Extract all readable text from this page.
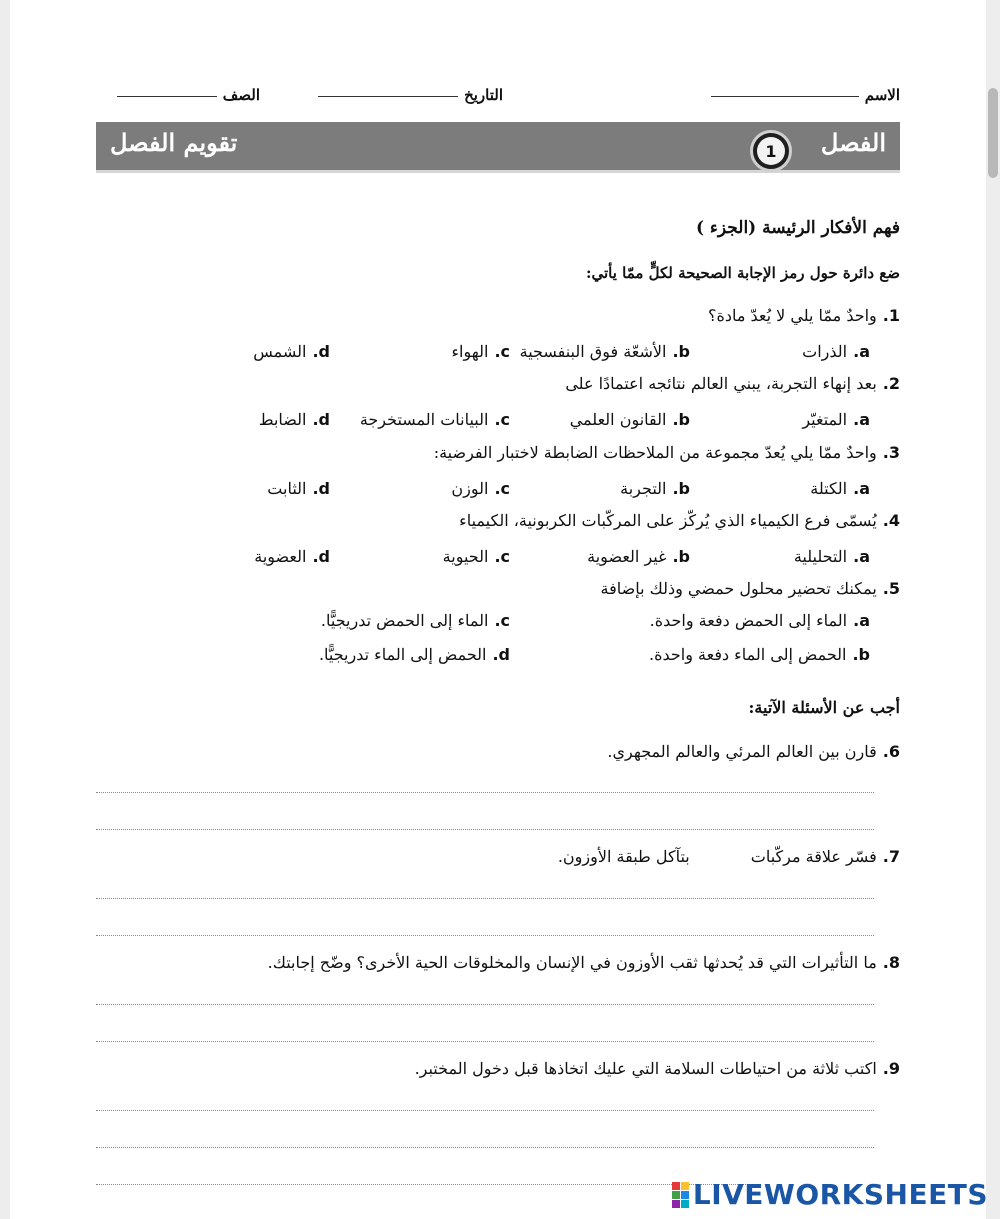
الاسم
التاريخ
الصف
الفصل
1
تقويم الفصل
فهم الأفكار الرئيسة (الجزء )
ضع دائرة حول رمز الإجابة الصحيحة لكلٍّ ممّا يأتي:
1.واحدٌ ممّا يلي لا يُعدّ مادة؟
a.الذرات
b.الأشعّة فوق البنفسجية
c.الهواء
d.الشمس
2.بعد إنهاء التجربة، يبني العالم نتائجه اعتمادًا على
a.المتغيّر
b.القانون العلمي
c.البيانات المستخرجة
d.الضابط
3.واحدٌ ممّا يلي يُعدّ مجموعة من الملاحظات الضابطة لاختبار الفرضية:
a.الكتلة
b.التجربة
c.الوزن
d.الثابت
4.يُسمّى فرع الكيمياء الذي يُركّز على المركّبات الكربونية، الكيمياء
a.التحليلية
b.غير العضوية
c.الحيوية
d.العضوية
5.يمكنك تحضير محلول حمضي وذلك بإضافة
a.الماء إلى الحمض دفعة واحدة.
c.الماء إلى الحمض تدريجيًّا.
b.الحمض إلى الماء دفعة واحدة.
d.الحمض إلى الماء تدريجيًّا.
أجب عن الأسئلة الآتية:
6.قارن بين العالم المرئي والعالم المجهري.
7.فسّر علاقة مركّبات            بتآكل طبقة الأوزون.
8.ما التأثيرات التي قد يُحدثها ثقب الأوزون في الإنسان والمخلوقات الحية الأخرى؟ وضّح إجابتك.
9.اكتب ثلاثة من احتياطات السلامة التي عليك اتخاذها قبل دخول المختبر.
LIVEWORKSHEETS
